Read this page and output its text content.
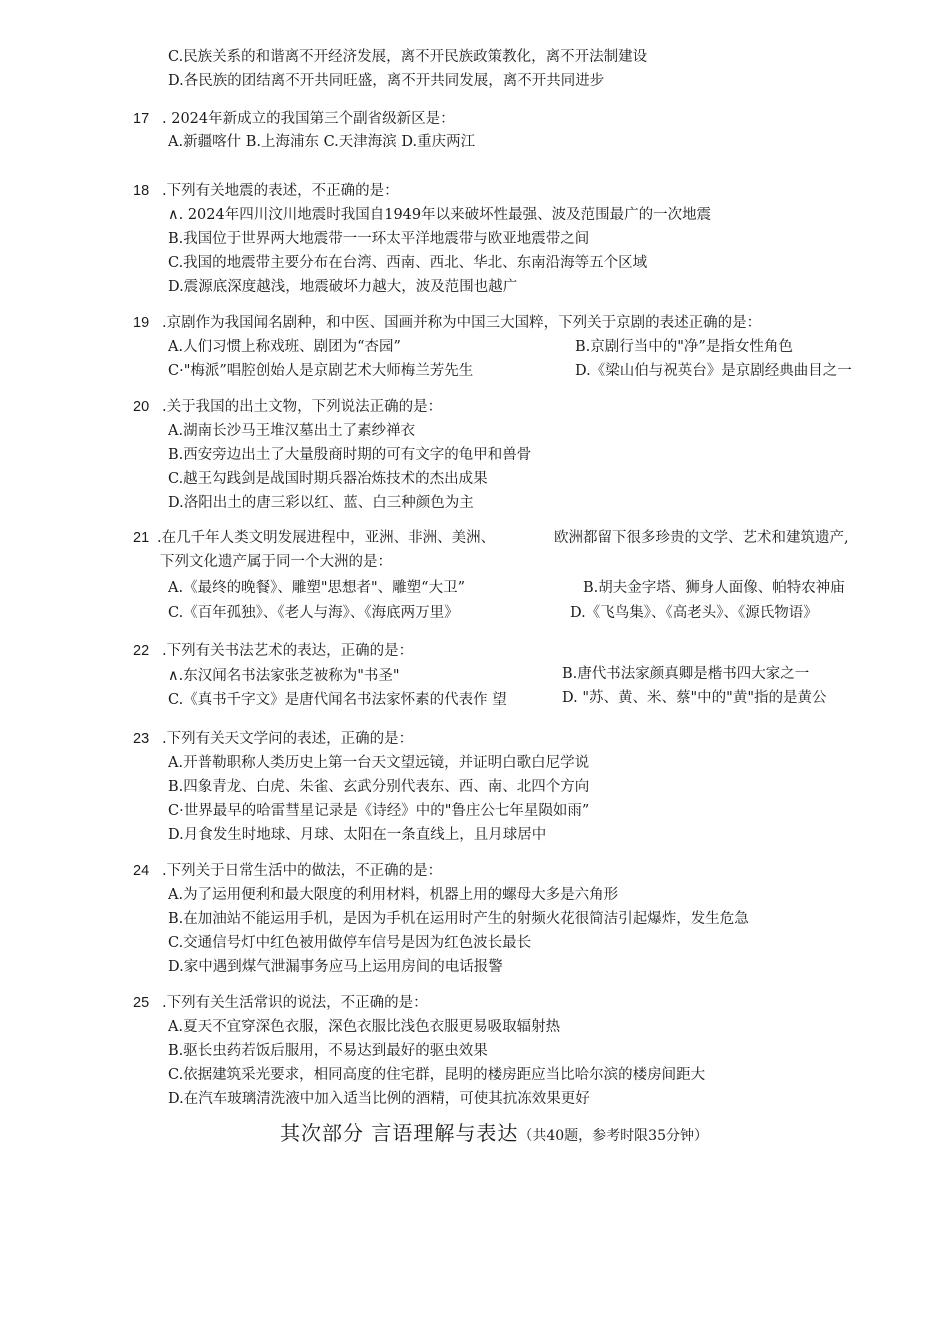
C.民族关系的和谐离不开经济发展，离不开民族政策教化，离不开法制建设
D.各民族的团结离不开共同旺盛，离不开共同发展，离不开共同进步
17 . 2024年新成立的我国第三个副省级新区是：
A.新疆喀什 B.上海浦东 C.天津海滨 D.重庆两江
18 .下列有关地震的表述，不正确的是：
∧. 2024年四川汶川地震时我国自1949年以来破坏性最强、波及范围最广的一次地震
B.我国位于世界两大地震带一一环太平洋地震带与欧亚地震带之间
C.我国的地震带主要分布在台湾、西南、西北、华北、东南沿海等五个区域
D.震源底深度越浅，地震破坏力越大，波及范围也越广
19 .京剧作为我国闻名剧种，和中医、国画并称为中国三大国粹，下列关于京剧的表述正确的是：
A.人们习惯上称戏班、剧团为“杏园”	B.京剧行当中的"净”是指女性角色
C·"梅派”唱腔创始人是京剧艺术大师梅兰芳先生	D.《梁山伯与祝英台》是京剧经典曲目之一
20 .关于我国的出土文物，下列说法正确的是：
A.湖南长沙马王堆汉墓出土了素纱禅衣
B.西安旁边出土了大量殷商时期的可有文字的龟甲和兽骨
C.越王勾践剑是战国时期兵器冶炼技术的杰出成果
D.洛阳出土的唐三彩以红、蓝、白三种颜色为主
21 .在几千年人类文明发展进程中，亚洲、非洲、美洲、	欧洲都留下很多珍贵的文学、艺术和建筑遗产,
下列文化遗产属于同一个大洲的是：
A.《最终的晚餐》、雕塑"思想者"、雕塑“大卫”	B.胡夫金字塔、狮身人面像、帕特农神庙
C.《百年孤独》、《老人与海》、《海底两万里》	D.《飞鸟集》、《高老头》、《源氏物语》
22 .下列有关书法艺术的表达，正确的是：
∧.东汉闻名书法家张芝被称为"书圣"	B.唐代书法家颜真卿是楷书四大家之一
C.《真书千字文》是唐代闻名书法家怀素的代表作 望	D. "苏、黄、米、蔡"中的"黄"指的是黄公
23 .下列有关天文学问的表述，正确的是：
A.开普勒职称人类历史上第一台天文望远镜，并证明白歌白尼学说
B.四象青龙、白虎、朱雀、玄武分别代表东、西、南、北四个方向
C·世界最早的哈雷彗星记录是《诗经》中的"鲁庄公七年星陨如雨”
D.月食发生时地球、月球、太阳在一条直线上，且月球居中
24 .下列关于日常生活中的做法，不正确的是：
A.为了运用便利和最大限度的利用材料，机器上用的螺母大多是六角形
B.在加油站不能运用手机，是因为手机在运用时产生的射频火花很简洁引起爆炸，发生危急
C.交通信号灯中红色被用做停车信号是因为红色波长最长
D.家中遇到煤气泄漏事务应马上运用房间的电话报警
25 .下列有关生活常识的说法，不正确的是：
A.夏天不宜穿深色衣服，深色衣服比浅色衣服更易吸取辐射热
B.驱长虫药若饭后服用，不易达到最好的驱虫效果
C.依据建筑采光要求，相同高度的住宅群，昆明的楼房距应当比哈尔滨的楼房间距大
D.在汽车玻璃清洗液中加入适当比例的酒精，可使其抗冻效果更好
其次部分 言语理解与表达（共40题，参考时限35分钟）
